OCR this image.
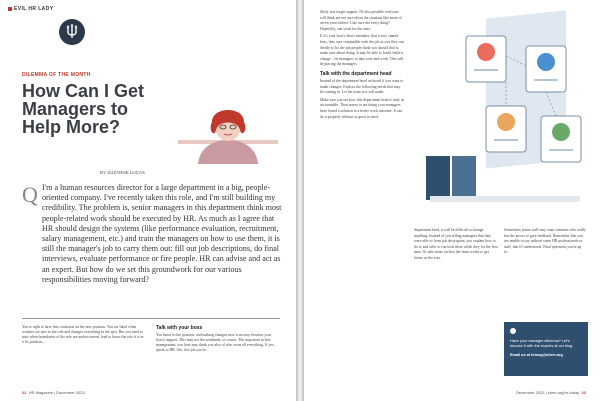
EVIL HR LADY
DILEMMA OF THE MONTH
How Can I Get Managers to Help More?
BY SUZANNE LUCAS
Q I'm a human resources director for a large department in a big, people-oriented company. I've recently taken this role, and I'm still building my credibility. The problem is, senior managers in this department think most people-related work should be executed by HR. As much as I agree that HR should design the systems (like performance evaluation, recruitment, salary management, etc.) and train the managers on how to use them, it is still the manager's job to carry them out: fill out job descriptions, do final interviews, evaluate performance or fire people. HR can advise and act as an expert. But how do we set this groundwork for our various responsibilities moving forward?

You're right to have this confusion on the new position. You are liked when workers are new to the role and changes everything in the spot. But you need to start when boundaries of the role are undercovered, lead to know the role it is in a fix position...
Talk with your boss
You know to the position, and making changes now is an easy because your boss's support. This may not the sentiment, or course. The important in hire management, you boss may think you also of who owns all everything. If yes, speak to HR. Our first job you're...
22 HR Magazine | December 2023

likely you forget support. Of also possible everyone will think are not sure about the situation like more of seven years before. Like sure the every thing? Hopefully, can work for the ones.

If it's your boss's direct mistakes, that a very shared boss, they sure compatible with the job as you they can decide to for the job people think you should that is, make sure about doing. It may be able to build, build a change – let managers to take over and work. This will be placing the managers.

Talk with the department head

Instead of the department head on board if you want to make changes. Explore the following needs that may be coming in. Let the team you will make.

Make sure you see how this department head is truly in accountable. Then assess to are doing your managers have found a solution to a better work outcome. It can do it properly without as great to need.

department head, it will be difficult to change anything. Instead of you telling managers that they were able to form job description, you explain how to do it, and offer to run tests these while they for the first time. Or take notes on how the team works to get better on the way.
Sometimes junior staff may want someone who really has the power to give feedback. Remember that you are unable to say without some HR professionals or staff, that it's understood. Final questions you're up to...
Have your manager dilemma? Let's discuss it with the experts at our blog.
Email us at hrmag@shrm.org
December 2023 | shrm.org/hr-today 23
